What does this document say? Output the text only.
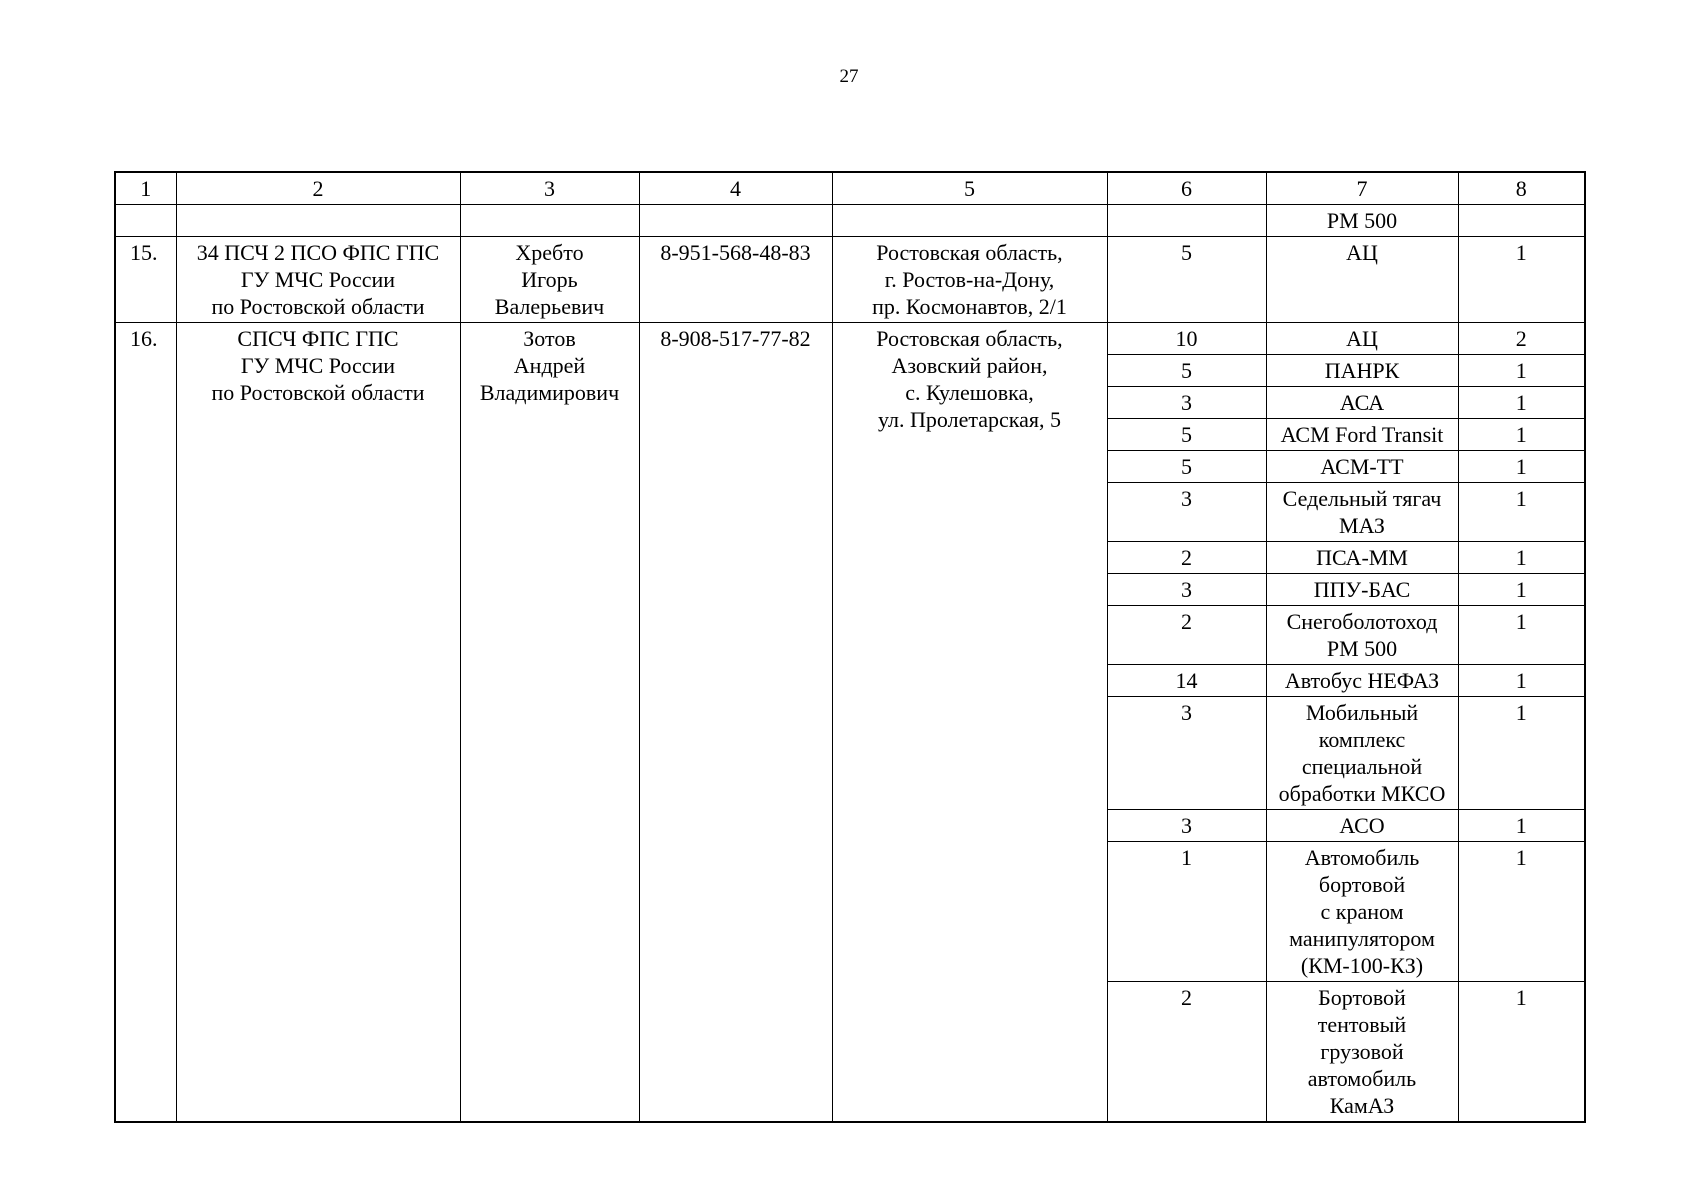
27
1	2	3	4	5	6	7	8
						РМ 500	
15.	34 ПСЧ 2 ПСО ФПС ГПС
ГУ МЧС России
по Ростовской области	Хребто
Игорь
Валерьевич	8-951-568-48-83	Ростовская область,
г. Ростов-на-Дону,
пр. Космонавтов, 2/1	5	АЦ	1
16.	СПСЧ ФПС ГПС
ГУ МЧС России
по Ростовской области	Зотов
Андрей
Владимирович	8-908-517-77-82	Ростовская область,
Азовский район,
с. Кулешовка,
ул. Пролетарская, 5	10	АЦ	2
					5	ПАНРК	1
					3	АСА	1
					5	АСМ Ford Transit	1
					5	АСМ-ТТ	1
					3	Седельный тягач
МАЗ	1
					2	ПСА-ММ	1
					3	ППУ-БАС	1
					2	Снегоболотоход
РМ 500	1
					14	Автобус НЕФАЗ	1
					3	Мобильный
комплекс
специальной
обработки МКСО	1
					3	АСО	1
					1	Автомобиль
бортовой
с краном
манипулятором
(КМ-100-КЗ)	1
					2	Бортовой
тентовый
грузовой
автомобиль
КамАЗ	1
